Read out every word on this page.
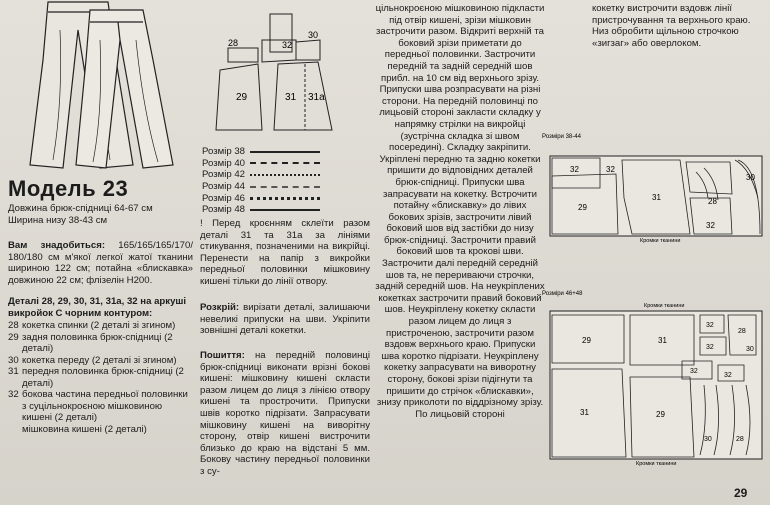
Модель 23

Довжина брюк-спідниці 64-67 см

Ширина низу 38-43 см

Вам знадобиться: 165/165/165/170/ 180/180 см м'якої легкої жатої тканини шириною 122 см; потайна «блискавка» довжиною 22 см; флізелін H200.

Деталі 28, 29, 30, 31, 31а, 32 на аркуші викройок С чорним контуром:

28 кокетка спинки (2 деталі зі згином)
29 задня половинка брюк-спідниці (2 деталі)
30 кокетка переду (2 деталі зі згином)
31 передня половинка брюк-спідниці (2 деталі)
32 бокова частина передньої половинки з суцільнокроєною мішковиною кишені (2 деталі)
мішковина кишені (2 деталі)
28
29
30
32
31 31а
Розмір 38
Розмір 40
Розмір 42
Розмір 44
Розмір 46
Розмір 48

! Перед кроєнням склеїти разом деталі 31 та 31а за лініями стикування, позначеними на викрійці. Перенести на папір з викройки передньої половинки мішковину кишені тільки до лінії отвору.

Розкрій: вирізати деталі, залишаючи невеликі припуски на шви. Укріпити зовнішні деталі кокетки.

Пошиття: на передній половинці брюк-спідниці виконати врізні бокові кишені: мішковину кишені скласти разом лицем до лиця з лінією отвору кишені та прострочити. Припуски швів коротко підрізати. Запрасувати мішковину кишені на виворітну сторону, отвір кишені вистрочити близько до краю на відстані 5 мм. Бокову частину передньої половинки з су-

цільнокроєною мішковиною підкласти під отвір кишені, зрізи мішковин застрочити разом. Відкриті верхній та боковий зрізи приметати до передньої половинки. Застрочити передній та задній середній шов прибл. на 10 см від верхнього зрізу. Припуски шва розпрасувати на різні сторони. На передній половинці по лицьовій стороні закласти складку у напрямку стрілки на викройці (зустрічна складка зі швом посередині). Складку закріпити. Укріплені передню та задню кокетки пришити до відповідних деталей брюк-спідниці. Припуски шва запрасувати на кокетку. Встрочити потайну «блискавку» до лівих бокових зрізів, застрочити лівий боковий шов від застібки до низу брюк-спідниці. Застрочити правий боковий шов та кроковi шви. Застрочити далі передній середній шов та, не перериваючи строчки, задній середній шов. На неукріплених кокетках застрочити правий боковий шов. Неукріплену кокетку скласти разом лицем до лиця з пристроченою, застрочити разом вздовж верхнього краю. Припуски шва коротко підрізати. Неукріплену кокетку запрасувати на виворотну сторону, бокові зрізи підігнути та пришити до стрічок «блискавки», знизу приколоти по віддрізному зрізу. По лицьовій стороні

кокетку вистрочити вздовж лінії пристрочування та верхнього краю. Низ обробити щільною строчкою «зигзаг» або оверлоком.

Розміри 38-44
Кромки тканини
32	32
29
31	28
30
32
Розміри 46+48
Кромки тканини
Кромки тканини
29	31
31	29
32
32
32
32
28
30
30	28
29
